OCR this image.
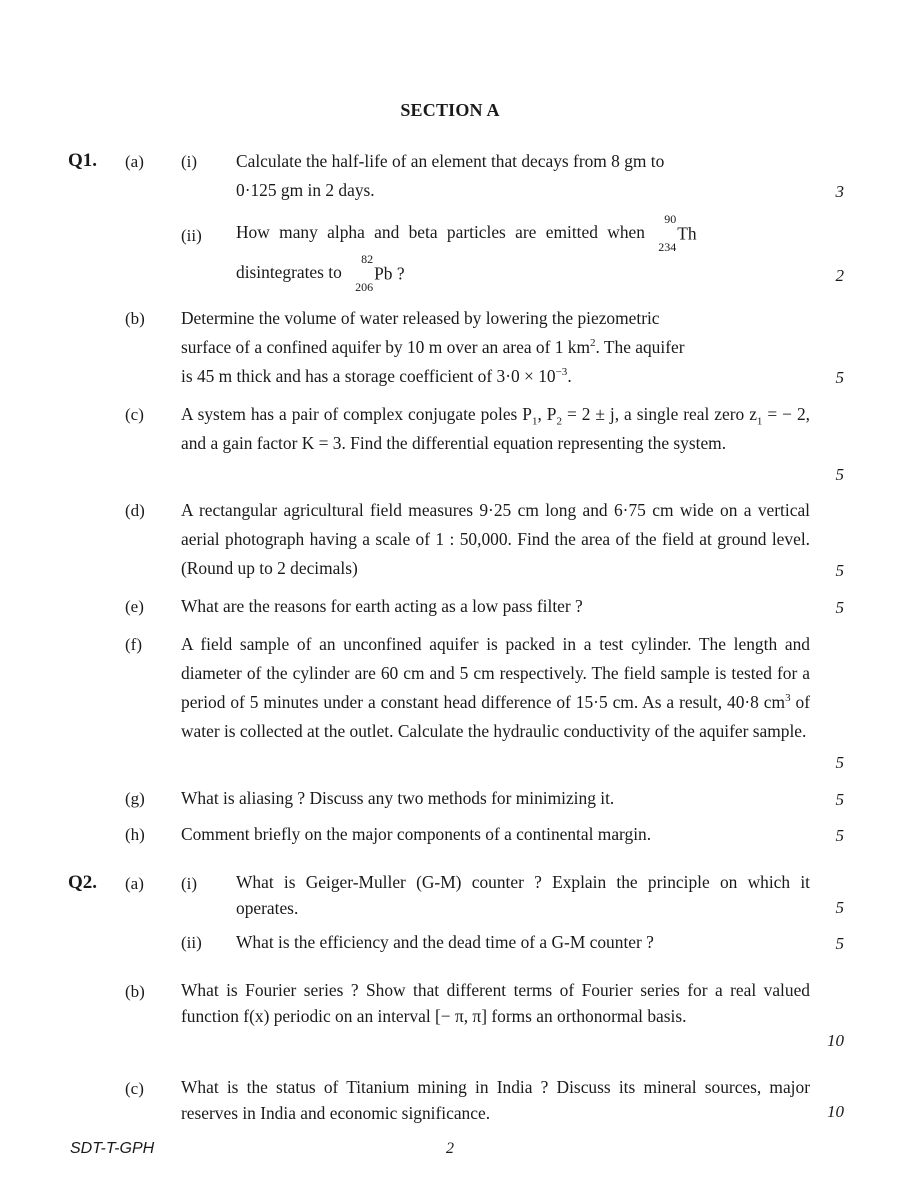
SECTION A
Q1. (a) (i) Calculate the half-life of an element that decays from 8 gm to
0·125 gm in 2 days.	3
(ii) How many alpha and beta particles are emitted when
90
234
Th
disintegrates to
82
206
Pb ?	2
(b) Determine the volume of water released by lowering the piezometric
surface of a confined aquifer by 10 m over an area of 1 $km^2$. The aquifer
is 45 m thick and has a storage coefficient of $3\cdot 0 \times 10^{-3}$.	5
(c) A system has a pair of complex conjugate poles $P_1$, $P_2 = 2 \pm j$, a single real zero $z_1$ = − 2, and a gain factor K = 3. Find the differential equation representing the system.
5
(d) A rectangular agricultural field measures 9·25 cm long and 6·75 cm wide on a vertical aerial photograph having a scale of 1 : 50,000. Find the area of the field at ground level. (Round up to 2 decimals)	5
(e) What are the reasons for earth acting as a low pass filter ?	5
(f) A field sample of an unconfined aquifer is packed in a test cylinder. The length and diameter of the cylinder are 60 cm and 5 cm respectively. The field sample is tested for a period of 5 minutes under a constant head difference of 15·5 cm. As a result, 40·8 $cm^3$ of water is collected at the outlet. Calculate the hydraulic conductivity of the aquifer sample.
5
(g) What is aliasing ? Discuss any two methods for minimizing it.	5
(h) Comment briefly on the major components of a continental margin.	5
Q2. (a) (i) What is Geiger-Muller (G-M) counter ? Explain the principle on which it operates.	5
(ii) What is the efficiency and the dead time of a G-M counter ?	5
(b) What is Fourier series ? Show that different terms of Fourier series for a real valued function f(x) periodic on an interval [− π, π] forms an orthonormal basis.
10
(c) What is the status of Titanium mining in India ? Discuss its mineral sources, major reserves in India and economic significance.	10
SDT-T-GPH	2
